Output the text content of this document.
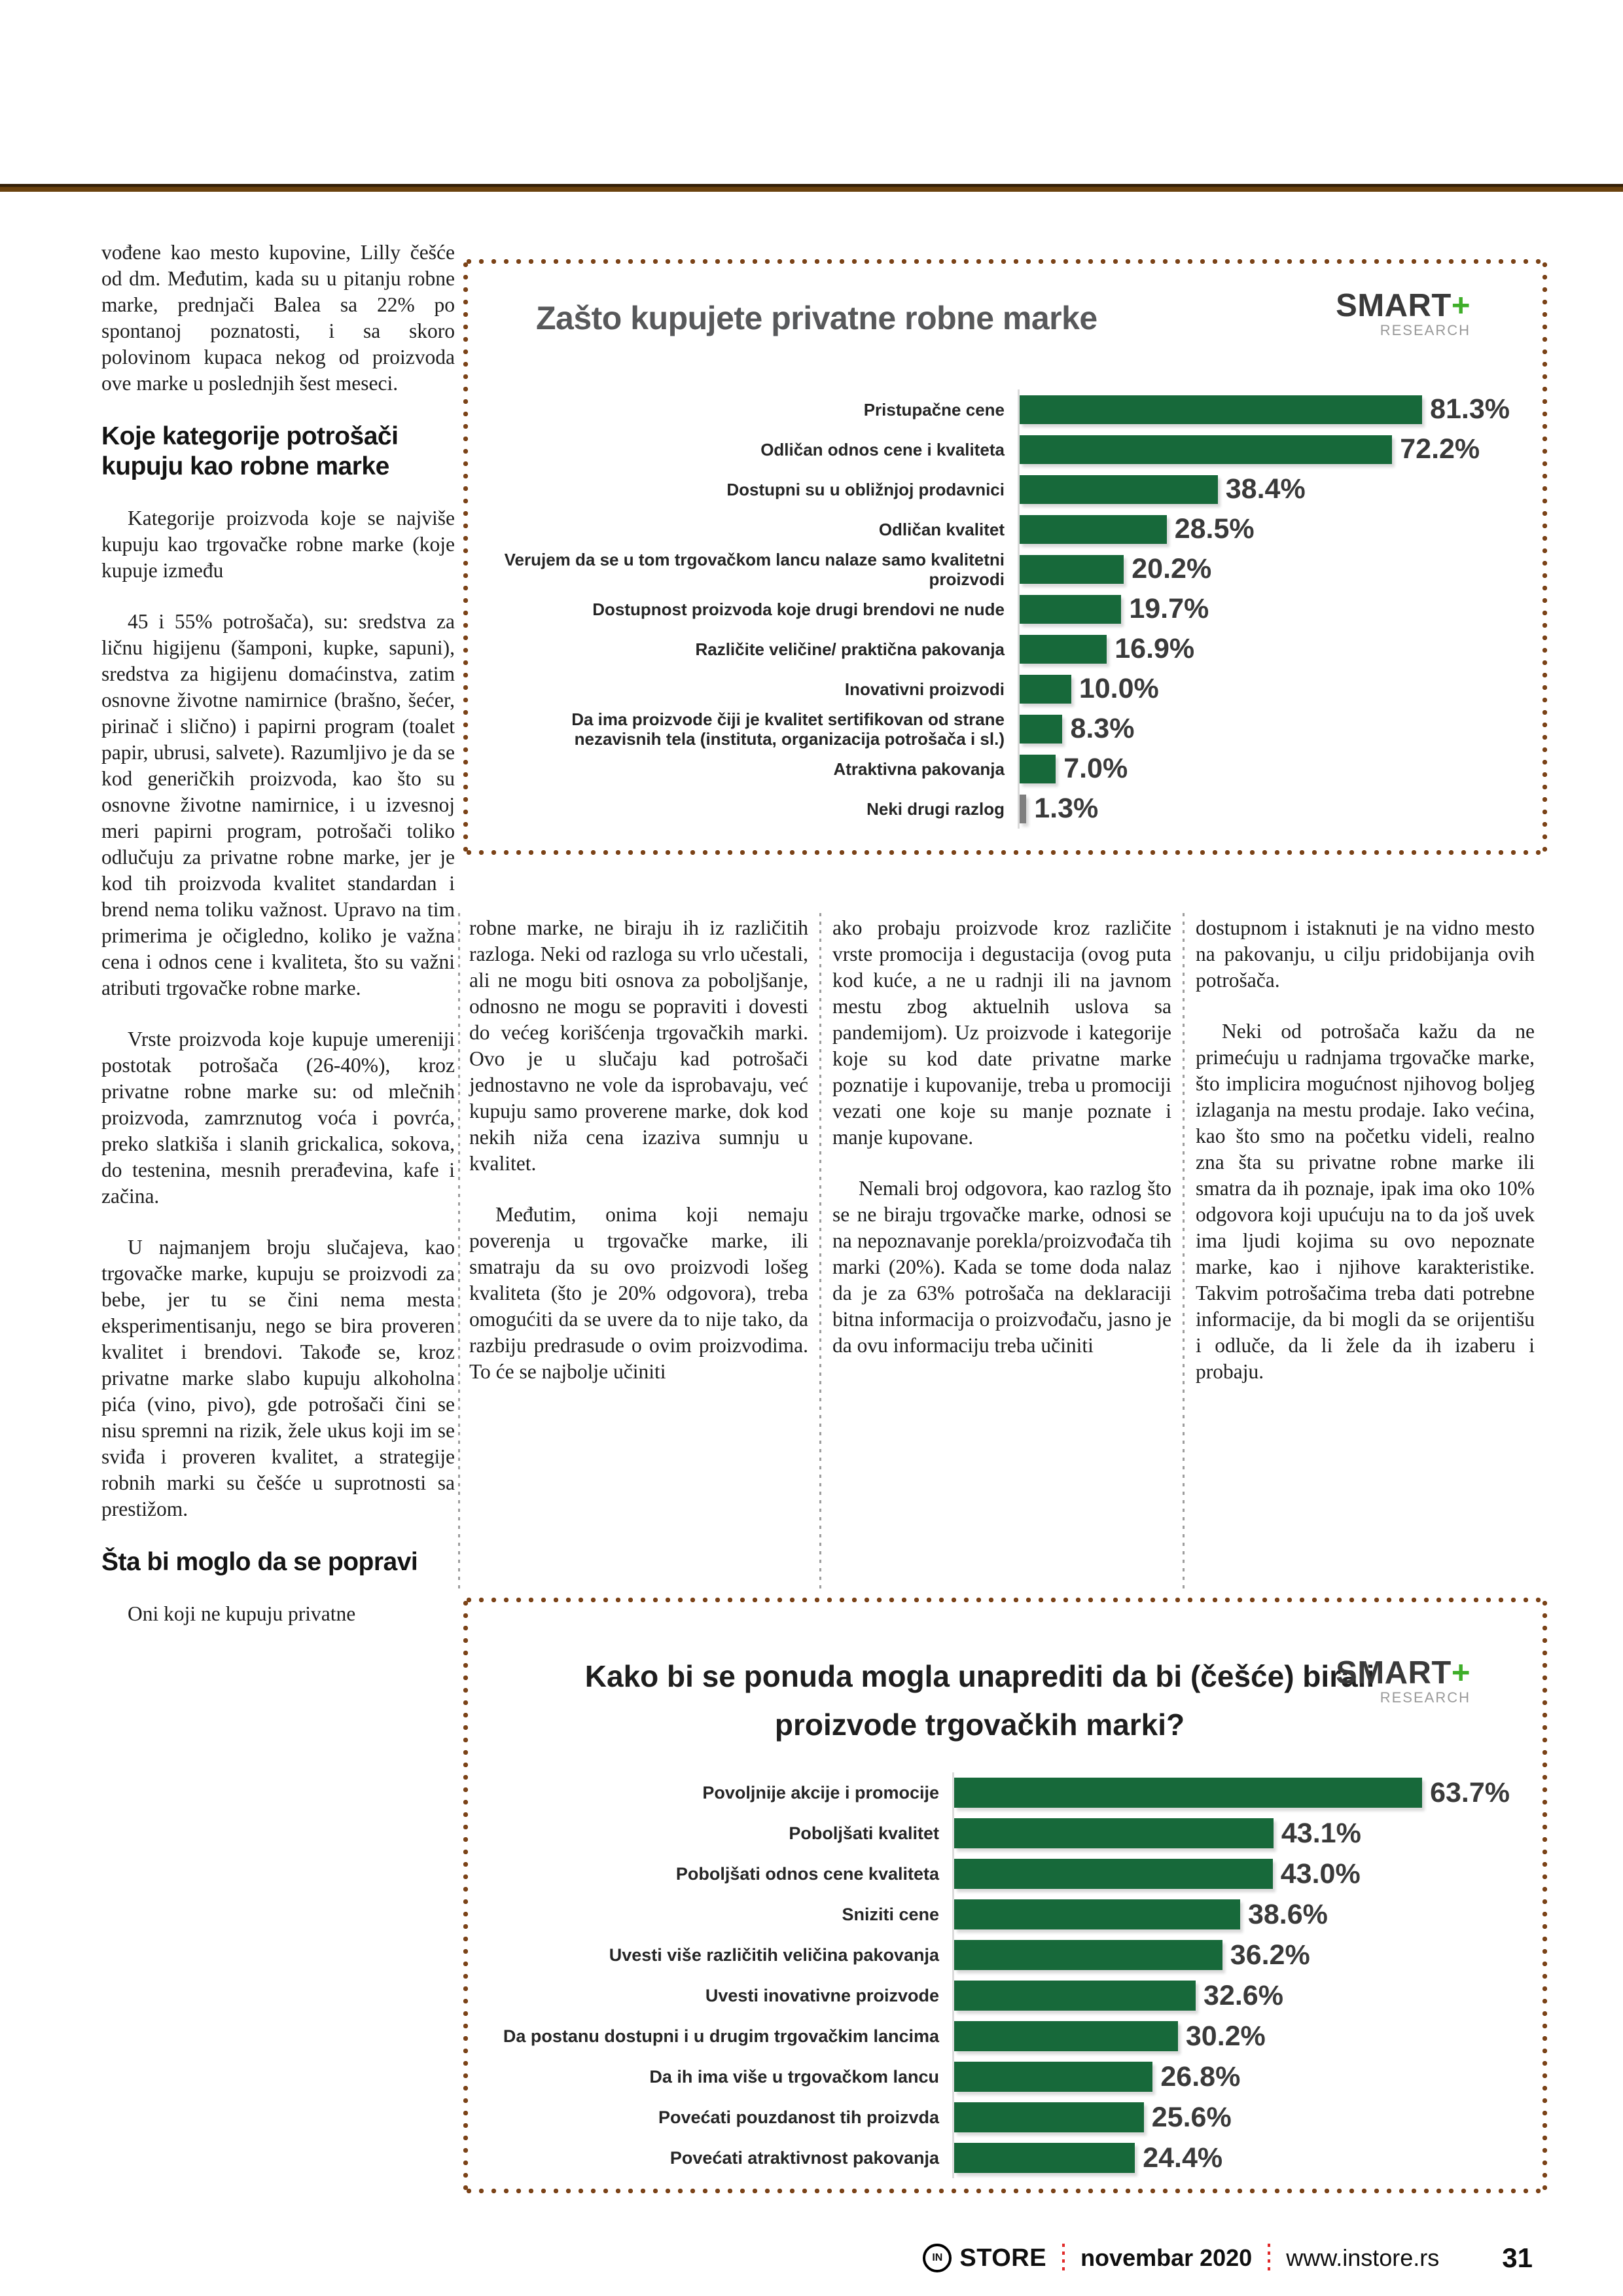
vođene kao mesto kupovine, Lilly češće od dm. Međutim, kada su u pitanju robne marke, prednjači Balea sa 22% po spontanoj poznatosti, i sa skoro polovinom kupaca nekog od proizvoda ove marke u poslednjih šest meseci.

Koje kategorije potrošači kupuju kao robne marke

Kategorije proizvoda koje se najviše kupuju kao trgovačke robne marke (koje kupuje između

45 i 55% potrošača), su: sredstva za ličnu higijenu (šamponi, kupke, sapuni), sredstva za higijenu domaćinstva, zatim osnovne životne namirnice (brašno, šećer, pirinač i slično) i papirni program (toalet papir, ubrusi, salvete). Razumljivo je da se kod generičkih proizvoda, kao što su osnovne životne namirnice, i u izvesnoj meri papirni program, potrošači toliko odlučuju za privatne robne marke, jer je kod tih proizvoda kvalitet standardan i brend nema toliku važnost. Upravo na tim primerima je očigledno, koliko je važna cena i odnos cene i kvaliteta, što su važni atributi trgovačke robne marke.

Vrste proizvoda koje kupuje umereniji postotak potrošača (26-40%), kroz privatne robne marke su: od mlečnih proizvoda, zamrznutog voća i povrća, preko slatkiša i slanih grickalica, sokova, do testenina, mesnih prerađevina, kafe i začina.

U najmanjem broju slučajeva, kao trgovačke marke, kupuju se proizvodi za bebe, jer tu se čini nema mesta eksperimentisanju, nego se bira proveren kvalitet i brendovi. Takođe se, kroz privatne marke slabo kupuju alkoholna pića (vino, pivo), gde potrošači čini se nisu spremni na rizik, žele ukus koji im se sviđa i proveren kvalitet, a strategije robnih marki su češće u suprotnosti sa prestižom.

Šta bi moglo da se popravi

Oni koji ne kupuju privatne

robne marke, ne biraju ih iz različitih razloga. Neki od razloga su vrlo učestali, ali ne mogu biti osnova za poboljšanje, odnosno ne mogu se popraviti i dovesti do većeg korišćenja trgovačkih marki. Ovo je u slučaju kad potrošači jednostavno ne vole da isprobavaju, već kupuju samo proverene marke, dok kod nekih niža cena izaziva sumnju u kvalitet.

Međutim, onima koji nemaju poverenja u trgovačke marke, ili smatraju da su ovo proizvodi lošeg kvaliteta (što je 20% odgovora), treba omogućiti da se uvere da to nije tako, da razbiju predrasude o ovim proizvodima. To će se najbolje učiniti

ako probaju proizvode kroz različite vrste promocija i degustacija (ovog puta kod kuće, a ne u radnji ili na javnom mestu zbog aktuelnih uslova sa pandemijom). Uz proizvode i kategorije koje su kod date privatne marke poznatije i kupovanije, treba u promociji vezati one koje su manje poznate i manje kupovane.

Nemali broj odgovora, kao razlog što se ne biraju trgovačke marke, odnosi se na nepoznavanje porekla/proizvođača tih marki (20%). Kada se tome doda nalaz da je za 63% potrošača na deklaraciji bitna informacija o proizvođaču, jasno je da ovu informaciju treba učiniti

dostupnom i istaknuti je na vidno mesto na pakovanju, u cilju pridobijanja ovih potrošača.

Neki od potrošača kažu da ne primećuju u radnjama trgovačke marke, što implicira mogućnost njihovog boljeg izlaganja na mestu prodaje. Iako većina, kao što smo na početku videli, realno zna šta su privatne robne marke ili smatra da ih poznaje, ipak ima oko 10% odgovora koji upućuju na to da još uvek ima ljudi kojima su ovo nepoznate marke, kao i njihove karakteristike. Takvim potrošačima treba dati potrebne informacije, da bi mogli da se orijentišu i odluče, da li žele da ih izaberu i probaju.

Zašto kupujete privatne robne marke	SMART+
RESEARCH
Pristupačne cene	81.3%
Odličan odnos cene i kvaliteta	72.2%
Dostupni su u obližnjoj prodavnici	38.4%
Odličan kvalitet	28.5%
Verujem da se u tom trgovačkom lancu nalaze samo kvalitetni proizvodi	20.2%
Dostupnost proizvoda koje drugi brendovi ne nude	19.7%
Različite veličine/ praktična pakovanja	16.9%
Inovativni proizvodi	10.0%
Da ima proizvode čiji je kvalitet sertifikovan od strane nezavisnih tela (instituta, organizacija potrošača i sl.)	8.3%
Atraktivna pakovanja	7.0%
Neki drugi razlog	1.3%
Kako bi se ponuda mogla unaprediti da bi (češće) birali
proizvode trgovačkih marki?
SMART+
RESEARCH
Povoljnije akcije i promocije	63.7%
Poboljšati kvalitet	43.1%
Poboljšati odnos cene kvaliteta	43.0%
Sniziti cene	38.6%
Uvesti više različitih veličina pakovanja	36.2%
Uvesti inovativne proizvode	32.6%
Da postanu dostupni i u drugim trgovačkim lancima	30.2%
Da ih ima više u trgovačkom lancu	26.8%
Povećati pouzdanost tih proizvda	25.6%
Povećati atraktivnost pakovanja	24.4%
IN STORE novembar 2020 www.instore.rs 31
